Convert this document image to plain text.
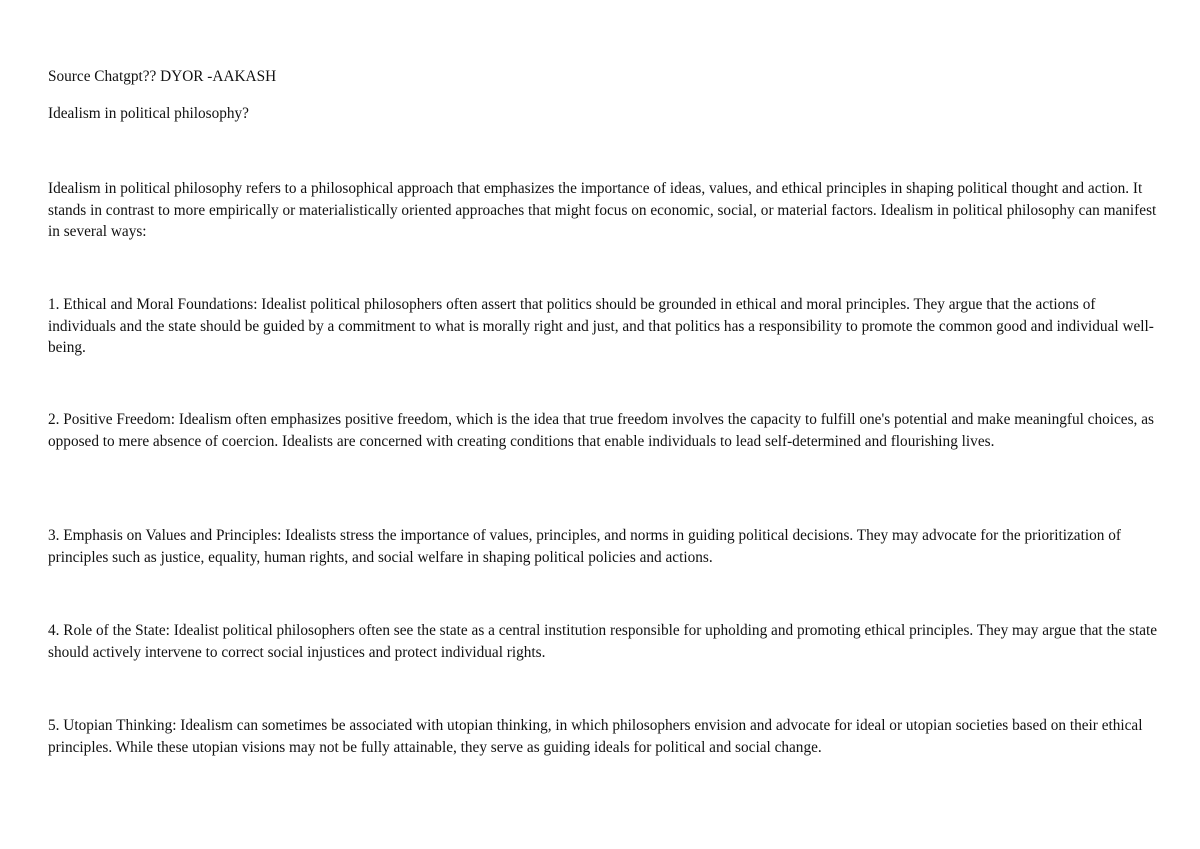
Source Chatgpt?? DYOR -AAKASH

Idealism in political philosophy?

Idealism in political philosophy refers to a philosophical approach that emphasizes the importance of ideas, values, and ethical principles in shaping political thought and action. It stands in contrast to more empirically or materialistically oriented approaches that might focus on economic, social, or material factors. Idealism in political philosophy can manifest in several ways:

1. Ethical and Moral Foundations: Idealist political philosophers often assert that politics should be grounded in ethical and moral principles. They argue that the actions of individuals and the state should be guided by a commitment to what is morally right and just, and that politics has a responsibility to promote the common good and individual well-being.

2. Positive Freedom: Idealism often emphasizes positive freedom, which is the idea that true freedom involves the capacity to fulfill one's potential and make meaningful choices, as opposed to mere absence of coercion. Idealists are concerned with creating conditions that enable individuals to lead self-determined and flourishing lives.

3. Emphasis on Values and Principles: Idealists stress the importance of values, principles, and norms in guiding political decisions. They may advocate for the prioritization of principles such as justice, equality, human rights, and social welfare in shaping political policies and actions.

4. Role of the State: Idealist political philosophers often see the state as a central institution responsible for upholding and promoting ethical principles. They may argue that the state should actively intervene to correct social injustices and protect individual rights.

5. Utopian Thinking: Idealism can sometimes be associated with utopian thinking, in which philosophers envision and advocate for ideal or utopian societies based on their ethical principles. While these utopian visions may not be fully attainable, they serve as guiding ideals for political and social change.
